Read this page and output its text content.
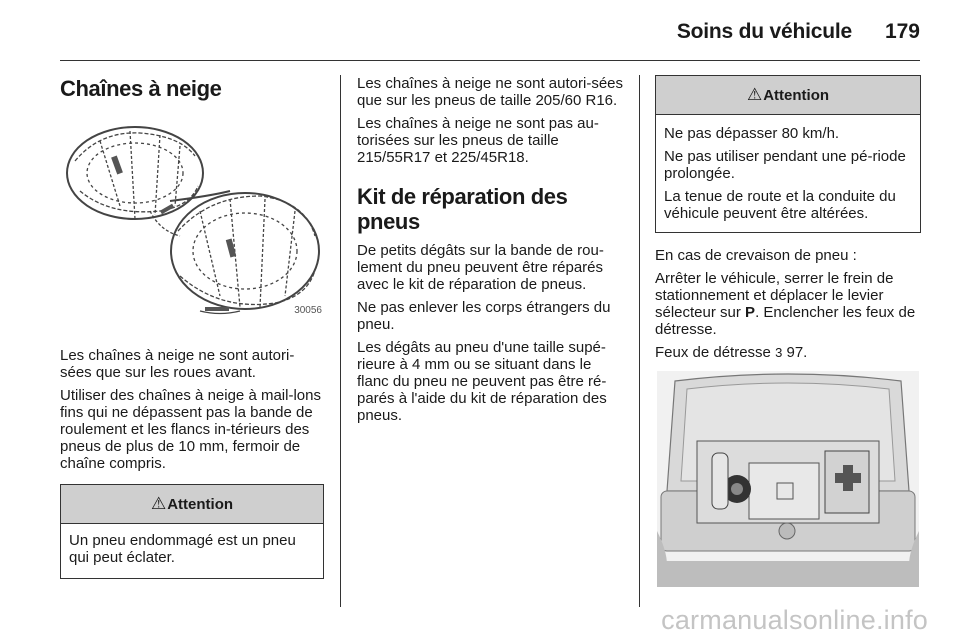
Soins du véhicule 179
Chaînes à neige
30056

Les chaînes à neige ne sont autori-sées que sur les roues avant.

Utiliser des chaînes à neige à mail-lons fins qui ne dépassent pas la bande de roulement et les flancs in-térieurs des pneus de plus de 10 mm, fermoir de chaîne compris.

⚠Attention

Un pneu endommagé est un pneu qui peut éclater.

Les chaînes à neige ne sont autori-sées que sur les pneus de taille 205/60 R16.

Les chaînes à neige ne sont pas au-torisées sur les pneus de taille 215/55R17 et 225/45R18.

Kit de réparation des pneus

De petits dégâts sur la bande de rou-lement du pneu peuvent être réparés avec le kit de réparation de pneus.

Ne pas enlever les corps étrangers du pneu.

Les dégâts au pneu d'une taille supé-rieure à 4 mm ou se situant dans le flanc du pneu ne peuvent pas être ré-parés à l'aide du kit de réparation des pneus.

⚠Attention

Ne pas dépasser 80 km/h.

Ne pas utiliser pendant une pé-riode prolongée.

La tenue de route et la conduite du véhicule peuvent être altérées.

En cas de crevaison de pneu :

Arrêter le véhicule, serrer le frein de stationnement et déplacer le levier sélecteur sur P. Enclencher les feux de détresse.

Feux de détresse 3 97.

carmanualsonline.info
